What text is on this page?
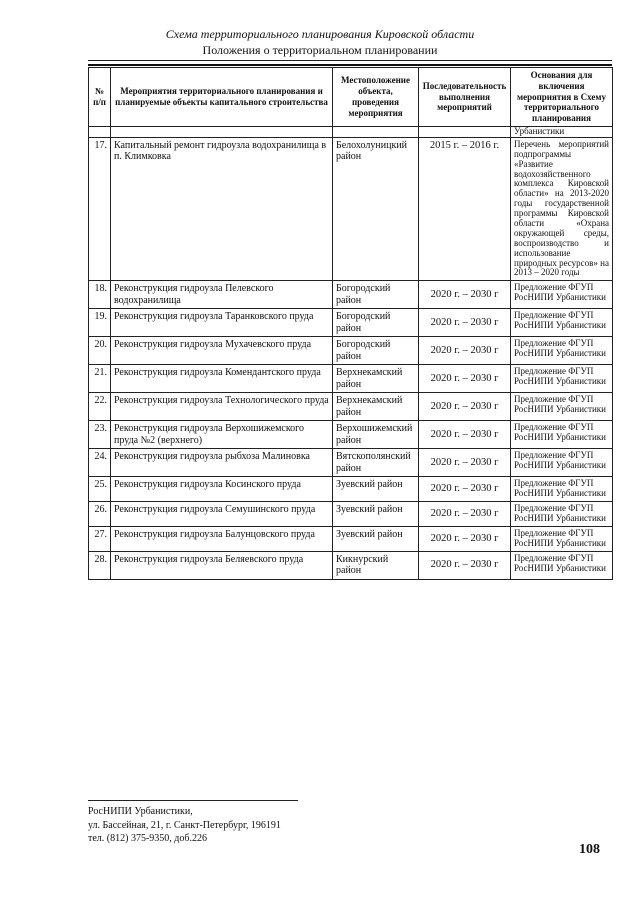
Схема территориального планирования Кировской области
Положения о территориальном планировании
№ п/п	Мероприятия территориального планирования и планируемые объекты капитального строительства	Местоположение объекта, проведения мероприятия	Последовательность выполнения мероприятий	Основания для включения мероприятия в Схему территориального планирования
				Урбанистики
17.	Капитальный ремонт гидроузла водохранилища в п. Климковка	Белохолуницкий район	2015 г. – 2016 г.	Перечень мероприятий подпрограммы «Развитие водохозяйственного комплекса Кировской области» на 2013-2020 годы государственной программы Кировской области «Охрана окружающей среды, воспроизводство и использование природных ресурсов» на 2013 – 2020 годы
18.	Реконструкция гидроузла Пелевского водохранилища	Богородский район	2020 г. – 2030 г	Предложение ФГУП РосНИПИ Урбанистики
19.	Реконструкция гидроузла Таранковского пруда	Богородский район	2020 г. – 2030 г	Предложение ФГУП РосНИПИ Урбанистики
20.	Реконструкция гидроузла Мухачевского пруда	Богородский район	2020 г. – 2030 г	Предложение ФГУП РосНИПИ Урбанистики
21.	Реконструкция гидроузла Комендантского пруда	Верхнекамский район	2020 г. – 2030 г	Предложение ФГУП РосНИПИ Урбанистики
22.	Реконструкция гидроузла Технологического пруда	Верхнекамский район	2020 г. – 2030 г	Предложение ФГУП РосНИПИ Урбанистики
23.	Реконструкция гидроузла Верхошижемского пруда №2 (верхнего)	Верхошижемский район	2020 г. – 2030 г	Предложение ФГУП РосНИПИ Урбанистики
24.	Реконструкция гидроузла рыбхоза Малиновка	Вятскополянский район	2020 г. – 2030 г	Предложение ФГУП РосНИПИ Урбанистики
25.	Реконструкция гидроузла Косинского пруда	Зуевский район	2020 г. – 2030 г	Предложение ФГУП РосНИПИ Урбанистики
26.	Реконструкция гидроузла Семушинского пруда	Зуевский район	2020 г. – 2030 г	Предложение ФГУП РосНИПИ Урбанистики
27.	Реконструкция гидроузла Балунцовского пруда	Зуевский район	2020 г. – 2030 г	Предложение ФГУП РосНИПИ Урбанистики
28.	Реконструкция гидроузла Беляевского пруда	Кикнурский район	2020 г. – 2030 г	Предложение ФГУП РосНИПИ Урбанистики
РосНИПИ Урбанистики,
ул. Бассейная, 21, г. Санкт-Петербург, 196191
тел. (812) 375-9350, доб.226
108
